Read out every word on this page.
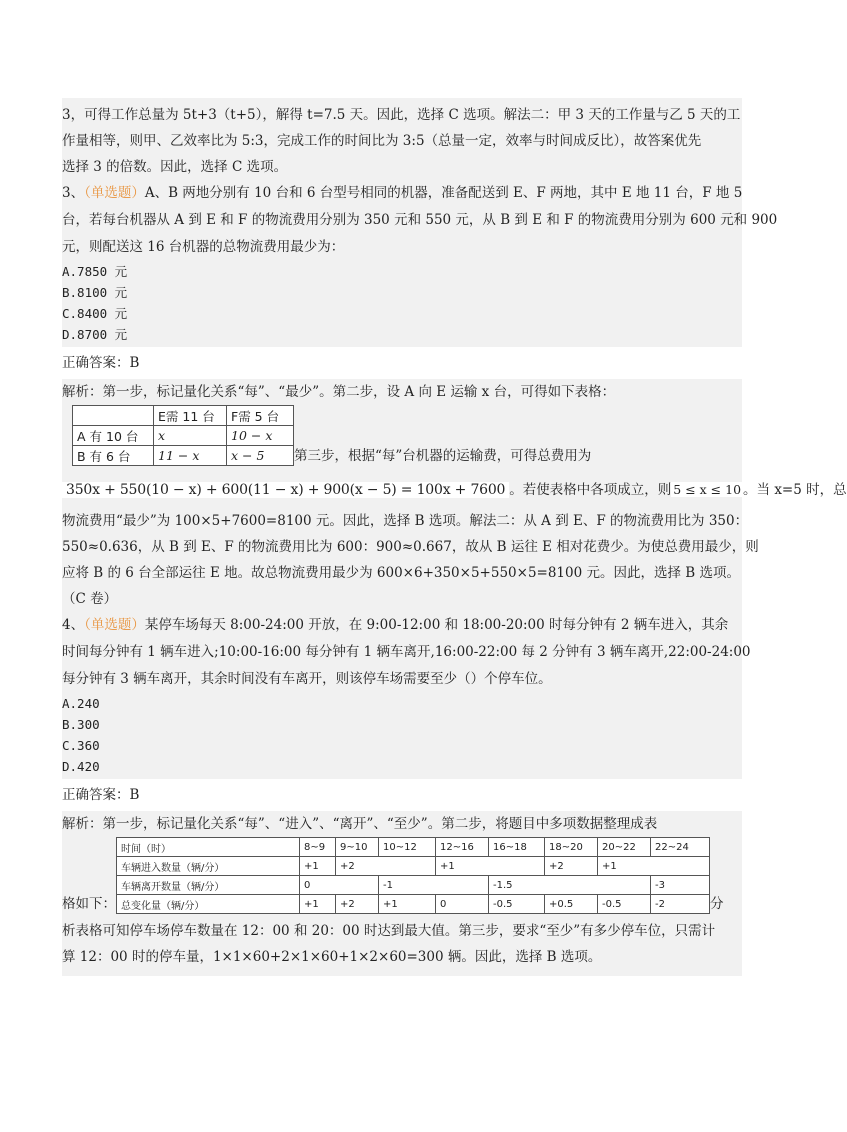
3，可得工作总量为 5t+3（t+5），解得 t=7.5 天。因此，选择 C 选项。解法二：甲 3 天的工作量与乙 5 天的工
作量相等，则甲、乙效率比为 5:3，完成工作的时间比为 3:5（总量一定，效率与时间成反比），故答案优先
选择 3 的倍数。因此，选择 C 选项。
3、（单选题）A、B 两地分别有 10 台和 6 台型号相同的机器，准备配送到 E、F 两地，其中 E 地 11 台，F 地 5
台，若每台机器从 A 到 E 和 F 的物流费用分别为 350 元和 550 元，从 B 到 E 和 F 的物流费用分别为 600 元和 900
元，则配送这 16 台机器的总物流费用最少为：
A.7850 元
B.8100 元
C.8400 元
D.8700 元
正确答案：B
解析：第一步，标记量化关系“每”、“最少”。第二步，设 A 向 E 运输 x 台，可得如下表格：
	E需 11 台	F需 5 台
A 有 10 台	x	10 − x
B 有 6 台	11 − x	x − 5 第三步，根据“每”台机器的运输费，可得总费用为
350x + 550(10 − x) + 600(11 − x) + 900(x − 5) = 100x + 7600 。若使表格中各项成立，则 5 ≤ x ≤ 10 。当 x=5 时，总
物流费用“最少”为 100×5+7600=8100 元。因此，选择 B 选项。解法二：从 A 到 E、F 的物流费用比为 350：
550≈0.636，从 B 到 E、F 的物流费用比为 600：900≈0.667，故从 B 运往 E 相对花费少。为使总费用最少，则
应将 B 的 6 台全部运往 E 地。故总物流费用最少为 600×6+350×5+550×5=8100 元。因此，选择 B 选项。
（C 卷）
4、（单选题）某停车场每天 8:00-24:00 开放，在 9:00-12:00 和 18:00-20:00 时每分钟有 2 辆车进入，其余
时间每分钟有 1 辆车进入;10:00-16:00 每分钟有 1 辆车离开,16:00-22:00 每 2 分钟有 3 辆车离开,22:00-24:00
每分钟有 3 辆车离开，其余时间没有车离开，则该停车场需要至少（）个停车位。
A.240
B.300
C.360
D.420
正确答案：B
解析：第一步，标记量化关系“每”、“进入”、“离开”、“至少”。第二步，将题目中多项数据整理成表
格如下：
时间（时）	8~9	9~10	10~12	12~16	16~18	18~20	20~22	22~24
车辆进入数量（辆/分）	+1	+2		+1		+2	+1	
车辆离开数量（辆/分）	0		-1		-1.5			-3
总变化量（辆/分）	+1	+2	+1	0	-0.5	+0.5	-0.5	-2	分
析表格可知停车场停车数量在 12：00 和 20：00 时达到最大值。第三步，要求“至少”有多少停车位，只需计
算 12：00 时的停车量，1×1×60+2×1×60+1×2×60=300 辆。因此，选择 B 选项。
